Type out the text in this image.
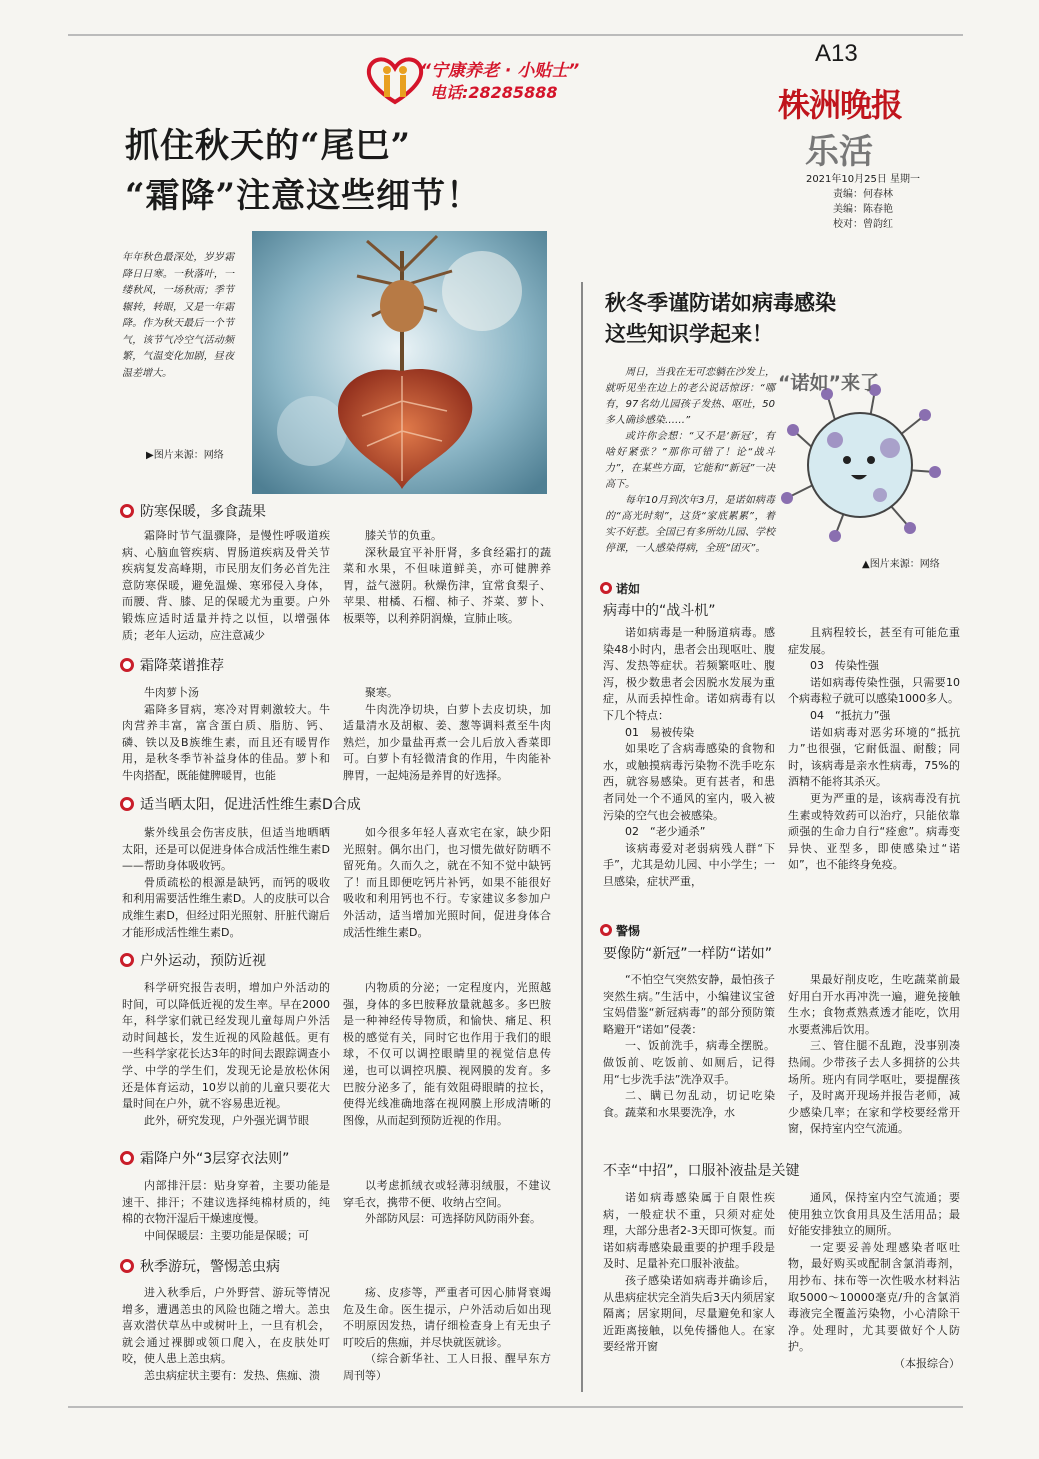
A13
株洲晚报
乐活
2021年10月25日 星期一
责编：何春林
美编：陈春艳
校对：曾韵红
“宁康养老 · 小贴士”
电话:28285888
抓住秋天的“尾巴”
“霜降”注意这些细节！
年年秋色最深处，岁岁霜降日日寒。一秋落叶，一缕秋风，一场秋雨；季节辗转，转眼，又是一年霜降。作为秋天最后一个节气，该节气冷空气活动频繁，气温变化加剧，昼夜温差增大。
▶图片来源：网络
防寒保暖，多食蔬果

霜降时节气温骤降，是慢性呼吸道疾病、心脑血管疾病、胃肠道疾病及骨关节疾病复发高峰期，市民朋友们务必首先注意防寒保暖，避免温燥、寒邪侵入身体，而腰、背、膝、足的保暖尤为重要。户外锻炼应适时适量并持之以恒，以增强体质；老年人运动，应注意减少

膝关节的负重。

深秋最宜平补肝肾，多食经霜打的蔬菜和水果，不但味道鲜美，亦可健脾养胃，益气滋阴。秋燥伤津，宜常食梨子、苹果、柑橘、石榴、柿子、芥菜、萝卜、板栗等，以利养阴润燥，宣肺止咳。

霜降菜谱推荐

牛肉萝卜汤

霜降多冒病，寒冷对胃刺激较大。牛肉营养丰富，富含蛋白质、脂肪、钙、磷、铁以及B族维生素，而且还有暖胃作用，是秋冬季节补益身体的佳品。萝卜和牛肉搭配，既能健脾暖胃，也能

聚寒。

牛肉洗净切块，白萝卜去皮切块，加适量清水及胡椒、姜、葱等调料煮至牛肉熟烂，加少量盐再煮一会儿后放入香菜即可。白萝卜有轻微清食的作用，牛肉能补脾胃，一起炖汤是养胃的好选择。

适当晒太阳，促进活性维生素D合成

紫外线虽会伤害皮肤，但适当地晒晒太阳，还是可以促进身体合成活性维生素D——帮助身体吸收钙。

骨质疏松的根源是缺钙，而钙的吸收和利用需要活性维生素D。人的皮肤可以合成维生素D，但经过阳光照射、肝脏代谢后才能形成活性维生素D。

如今很多年轻人喜欢宅在家，缺少阳光照射。偶尔出门，也习惯先做好防晒不留死角。久而久之，就在不知不觉中缺钙了！而且即便吃钙片补钙，如果不能很好吸收和利用钙也不行。专家建议多参加户外活动，适当增加光照时间，促进身体合成活性维生素D。

户外运动，预防近视

科学研究报告表明，增加户外活动的时间，可以降低近视的发生率。早在2000年，科学家们就已经发现儿童每周户外活动时间越长，发生近视的风险越低。更有一些科学家花长达3年的时间去跟踪调查小学、中学的学生们，发现无论是放松休闲还是体育运动，10岁以前的儿童只要花大量时间在户外，就不容易患近视。

此外，研究发现，户外强光调节眼

内物质的分泌；一定程度内，光照越强，身体的多巴胺释放量就越多。多巴胺是一种神经传导物质，和愉快、痛足、积极的感觉有关，同时它也作用于我们的眼球，不仅可以调控眼睛里的视觉信息传递，也可以调控巩膜、视网膜的发育。多巴胺分泌多了，能有效阻碍眼睛的拉长，使得光线准确地落在视网膜上形成清晰的图像，从而起到预防近视的作用。

霜降户外“3层穿衣法则”

内部排汗层：贴身穿着，主要功能是速干、排汗；不建议选择纯棉材质的，纯棉的衣物汗湿后干燥速度慢。

中间保暖层：主要功能是保暖；可

以考虑抓绒衣或轻薄羽绒服，不建议穿毛衣，携带不便、收纳占空间。

外部防风层：可选择防风防雨外套。

秋季游玩，警惕恙虫病

进入秋季后，户外野营、游玩等情况增多，遭遇恙虫的风险也随之增大。恙虫喜欢潜伏草丛中或树叶上，一旦有机会，就会通过裸脚或领口爬入，在皮肤处叮咬，使人患上恙虫病。

恙虫病症状主要有：发热、焦痂、溃

疡、皮疹等，严重者可因心肺肾衰竭危及生命。医生提示，户外活动后如出现不明原因发热，请仔细检查身上有无虫子叮咬后的焦痂，并尽快就医就诊。

（综合新华社、工人日报、醒早东方周刊等）

秋冬季谨防诺如病毒感染
这些知识学起来！

周日，当我在无可恋躺在沙发上，就听见坐在边上的老公说话惊讶：“哪有，97名幼儿园孩子发热、呕吐，50多人确诊感染……”

或许你会想：“又不是‘新冠’，有啥好紧张？”那你可错了！论“战斗力”，在某些方面，它能和“新冠”一决高下。

每年10月到次年3月，是诺如病毒的“高光时刻”，这货“家底累累”，着实不好惹。全国已有多所幼儿园、学校停课，一人感染得病，全班“团灭”。

“诺如”来了
▲图片来源：网络
诺如
病毒中的“战斗机”

诺如病毒是一种肠道病毒。感染48小时内，患者会出现呕吐、腹泻、发热等症状。若频繁呕吐、腹泻，极少数患者会因脱水发展为重症，从而丢掉性命。诺如病毒有以下几个特点：

01　易被传染

如果吃了含病毒感染的食物和水，或触摸病毒污染物不洗手吃东西，就容易感染。更有甚者，和患者同处一个不通风的室内，吸入被污染的空气也会被感染。

02　“老少通杀”

该病毒爱对老弱病残人群“下手”，尤其是幼儿园、中小学生；一旦感染，症状严重，

且病程较长，甚至有可能危重症发展。

03　传染性强

诺如病毒传染性强，只需要10个病毒粒子就可以感染1000多人。

04　“抵抗力”强

诺如病毒对恶劣环境的“抵抗力”也很强，它耐低温、耐酸；同时，该病毒是亲水性病毒，75%的酒精不能将其杀灭。

更为严重的是，该病毒没有抗生素或特效药可以治疗，只能依靠顽强的生命力自行“痊愈”。病毒变异快、亚型多，即使感染过“诺如”，也不能终身免疫。

警惕
要像防“新冠”一样防“诺如”

“不怕空气突然安静，最怕孩子突然生病。”生活中，小编建议宝爸宝妈借鉴“新冠病毒”的部分预防策略避开“诺如”侵袭：

一、饭前洗手，病毒全摆脱。做饭前、吃饭前、如厕后，记得用“七步洗手法”洗净双手。

二、瞒已勿乱动，切记吃染食。蔬菜和水果要洗净，水

果最好削皮吃，生吃蔬菜前最好用白开水再冲洗一遍，避免接触生水；食物煮熟煮透才能吃，饮用水要煮沸后饮用。

三、管住腿不乱跑，没事别凑热闹。少带孩子去人多拥挤的公共场所。班内有同学呕吐，要提醒孩子，及时离开现场并报告老师，减少感染几率；在家和学校要经常开窗，保持室内空气流通。

不幸“中招”，口服补液盐是关键

诺如病毒感染属于自限性疾病，一般症状不重，只须对症处理，大部分患者2-3天即可恢复。而诺如病毒感染最重要的护理手段是及时、足量补充口服补液盐。

孩子感染诺如病毒并确诊后，从患病症状完全消失后3天内须居家隔离；居家期间，尽量避免和家人近距离接触，以免传播他人。在家要经常开窗

通风，保持室内空气流通；要使用独立饮食用具及生活用品；最好能安排独立的厕所。

一定要妥善处理感染者呕吐物，最好购买或配制含氯消毒剂，用抄布、抹布等一次性吸水材料沾取5000～10000毫克/升的含氯消毒液完全覆盖污染物，小心清除干净。处理时，尤其要做好个人防护。

（本报综合）
